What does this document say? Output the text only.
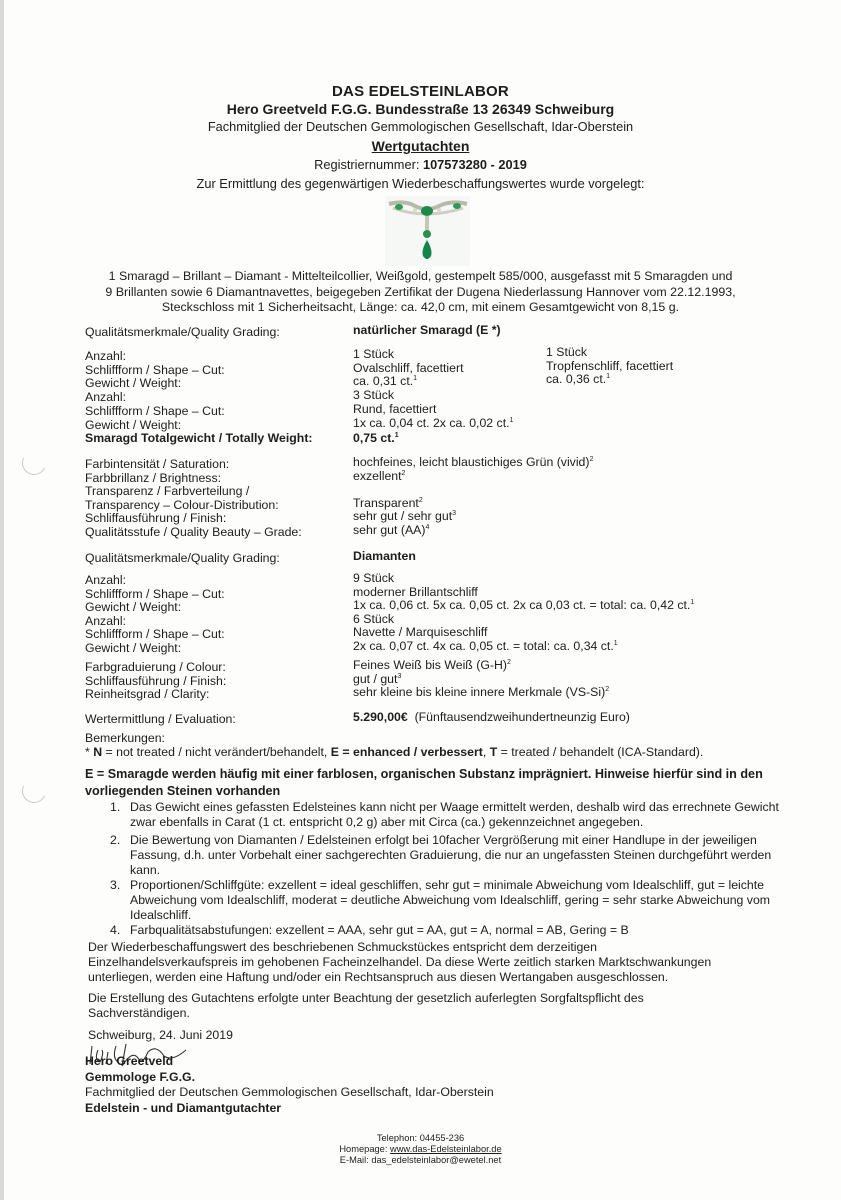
DAS EDELSTEINLABOR
Hero Greetveld F.G.G. Bundesstraße 13 26349 Schweiburg
Fachmitglied der Deutschen Gemmologischen Gesellschaft, Idar-Oberstein
Wertgutachten
Registriernummer: 107573280 - 2019
Zur Ermittlung des gegenwärtigen Wiederbeschaffungswertes wurde vorgelegt:
1 Smaragd – Brillant – Diamant - Mittelteilcollier, Weißgold, gestempelt 585/000, ausgefasst mit 5 Smaragden und
9 Brillanten sowie 6 Diamantnavettes, beigegeben Zertifikat der Dugena Niederlassung Hannover vom 22.12.1993,
Steckschloss mit 1 Sicherheitsacht, Länge: ca. 42,0 cm, mit einem Gesamtgewicht von 8,15 g.
Qualitätsmerkmale/Quality Grading:	natürlicher Smaragd (E *)
Anzahl:	1 Stück	1 Stück
Schliffform / Shape – Cut:	Ovalschliff, facettiert	Tropfenschliff, facettiert
Gewicht / Weight:	ca. 0,31 ct.$^1$	ca. 0,36 ct.$^1$
Anzahl:	3 Stück
Schliffform / Shape – Cut:	Rund, facettiert
Gewicht / Weight:	1x ca. 0,04 ct. 2x ca. 0,02 ct.$^1$
Smaragd Totalgewicht / Totally Weight:	0,75 ct.$^1$
Farbintensität / Saturation:	hochfeines, leicht blaustichiges Grün (vivid)$^2$
Farbbrillanz / Brightness:	exzellent$^2$
Transparenz / Farbverteilung /
Transparency – Colour-Distribution:	Transparent$^2$
Schliffausführung / Finish:	sehr gut / sehr gut$^3$
Qualitätsstufe / Quality Beauty – Grade:	sehr gut (AA)$^4$
Qualitätsmerkmale/Quality Grading:	Diamanten
Anzahl:	9 Stück
Schliffform / Shape – Cut:	moderner Brillantschliff
Gewicht / Weight:	1x ca. 0,06 ct. 5x ca. 0,05 ct. 2x ca 0,03 ct. = total: ca. 0,42 ct.$^1$
Anzahl:	6 Stück
Schliffform / Shape – Cut:	Navette / Marquiseschliff
Gewicht / Weight:	2x ca. 0,07 ct. 4x ca. 0,05 ct. = total: ca. 0,34 ct.$^1$
Farbgraduierung / Colour:	Feines Weiß bis Weiß $(G-H)^2$
Schliffausführung / Finish:	gut / gut$^3$
Reinheitsgrad / Clarity:	sehr kleine bis kleine innere Merkmale $(VS-Si)^2$
Wertermittlung / Evaluation:	5.290,00€ (Fünftausendzweihundertneunzig Euro)
Bemerkungen:
* N = not treated / nicht verändert/behandelt, E = enhanced / verbessert, T = treated / behandelt (ICA-Standard).
E = Smaragde werden häufig mit einer farblosen, organischen Substanz imprägniert. Hinweise hierfür sind in den vorliegenden Steinen vorhanden
1. Das Gewicht eines gefassten Edelsteines kann nicht per Waage ermittelt werden, deshalb wird das errechnete Gewicht zwar ebenfalls in Carat (1 ct. entspricht 0,2 g) aber mit Circa (ca.) gekennzeichnet angegeben.
2. Die Bewertung von Diamanten / Edelsteinen erfolgt bei 10facher Vergrößerung mit einer Handlupe in der jeweiligen Fassung, d.h. unter Vorbehalt einer sachgerechten Graduierung, die nur an ungefassten Steinen durchgeführt werden kann.
3. Proportionen/Schliffgüte: exzellent = ideal geschliffen, sehr gut = minimale Abweichung vom Idealschliff, gut = leichte Abweichung vom Idealschliff, moderat = deutliche Abweichung vom Idealschliff, gering = sehr starke Abweichung vom Idealschliff.
4. Farbqualitätsabstufungen: exzellent = AAA, sehr gut = AA, gut = A, normal = AB, Gering = B
Der Wiederbeschaffungswert des beschriebenen Schmuckstückes entspricht dem derzeitigen Einzelhandelsverkaufspreis im gehobenen Facheinzelhandel. Da diese Werte zeitlich starken Marktschwankungen unterliegen, werden eine Haftung und/oder ein Rechtsanspruch aus diesen Wertangaben ausgeschlossen.
Die Erstellung des Gutachtens erfolgte unter Beachtung der gesetzlich auferlegten Sorgfaltspflicht des Sachverständigen.
Schweiburg, 24. Juni 2019
Hero Greetveld
Gemmologe F.G.G.
Fachmitglied der Deutschen Gemmologischen Gesellschaft, Idar-Oberstein
Edelstein - und Diamantgutachter
Telephon: 04455-236
Homepage: www.das-Edelsteinlabor.de
E-Mail: das_edelsteinlabor@ewetel.net
